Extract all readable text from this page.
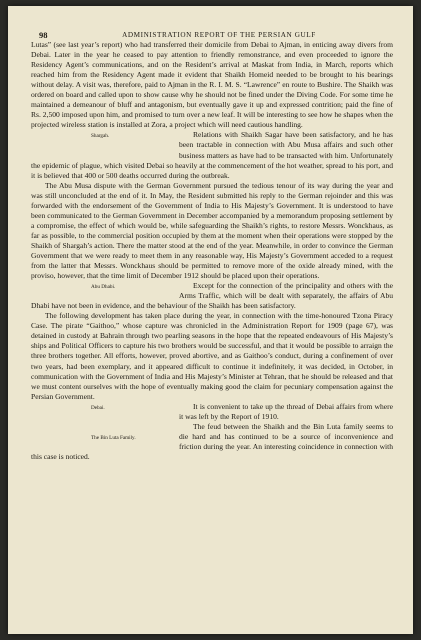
98	ADMINISTRATION REPORT OF THE PERSIAN GULF

Lutas” (see last year’s report) who had transferred their domicile from Debai to Ajman, in enticing away divers from Debai. Later in the year he ceased to pay attention to friendly remonstrance, and even proceeded to ignore the Residency Agent’s communications, and on the Resident’s arrival at Maskat from India, in March, reports which reached him from the Residency Agent made it evident that Shaikh Homeid needed to be brought to his bearings without delay. A visit was, therefore, paid to Ajman in the R. I. M. S. “Lawrence” en route to Bushire. The Shaikh was ordered on board and called upon to show cause why he should not be fined under the Diving Code. For some time he maintained a demeanour of bluff and antagonism, but eventually gave it up and expressed contrition; paid the fine of Rs. 2,500 imposed upon him, and promised to turn over a new leaf. It will be interesting to see how he shapes when the projected wireless station is installed at Zora, a project which will need cautious handling.

Shargah.	Relations with Shaikh Sagar have been satisfactory, and he has been tractable in connection with Abu Musa affairs and such other business matters as have had to be transacted with him. Unfortunately the epidemic of plague, which visited Debai so heavily at the commencement of the hot weather, spread to his port, and it is believed that 400 or 500 deaths occurred during the outbreak.

The Abu Musa dispute with the German Government pursued the tedious tenour of its way during the year and was still unconcluded at the end of it. In May, the Resident submitted his reply to the German rejoinder and this was forwarded with the endorsement of the Government of India to His Majesty’s Government. It is understood to have been communicated to the German Government in December accompanied by a memorandum proposing settlement by a compromise, the effect of which would be, while safeguarding the Shaikh’s rights, to restore Messrs. Wonckhaus, as far as possible, to the commercial position occupied by them at the moment when their operations were stopped by the Shaikh of Shargah’s action. There the matter stood at the end of the year. Meanwhile, in order to convince the German Government that we were ready to meet them in any reasonable way, His Majesty’s Government acceded to a request from the latter that Messrs. Wonckhaus should be permitted to remove more of the oxide already mined, with the proviso, however, that the time limit of December 1912 should be placed upon their operations.

Abu Dhabi.	Except for the connection of the principality and others with the Arms Traffic, which will be dealt with separately, the affairs of Abu Dhabi have not been in evidence, and the behaviour of the Shaikh has been satisfactory.

The following development has taken place during the year, in connection with the time-honoured Tzona Piracy Case. The pirate “Gaithoo,” whose capture was chronicled in the Administration Report for 1909 (page 67), was detained in custody at Bahrain through two pearling seasons in the hope that the repeated endeavours of His Majesty’s ships and Political Officers to capture his two brothers would be successful, and that it would be possible to arraign the three brothers together. All efforts, however, proved abortive, and as Gaithoo’s conduct, during a confinement of over two years, had been exemplary, and it appeared difficult to continue it indefinitely, it was decided, in October, in communication with the Government of India and His Majesty’s Minister at Tehran, that he should be released and that we must content ourselves with the hope of eventually making good the claim for pecuniary compensation against the Persian Government.

Debai.	It is convenient to take up the thread of Debai affairs from where it was left by the Report of 1910.

The Bin Luta Family.

The feud between the Shaikh and the Bin Luta family seems to die hard and has continued to be a source of inconvenience and friction during the year. An interesting coincidence in connection with this case is noticed.
